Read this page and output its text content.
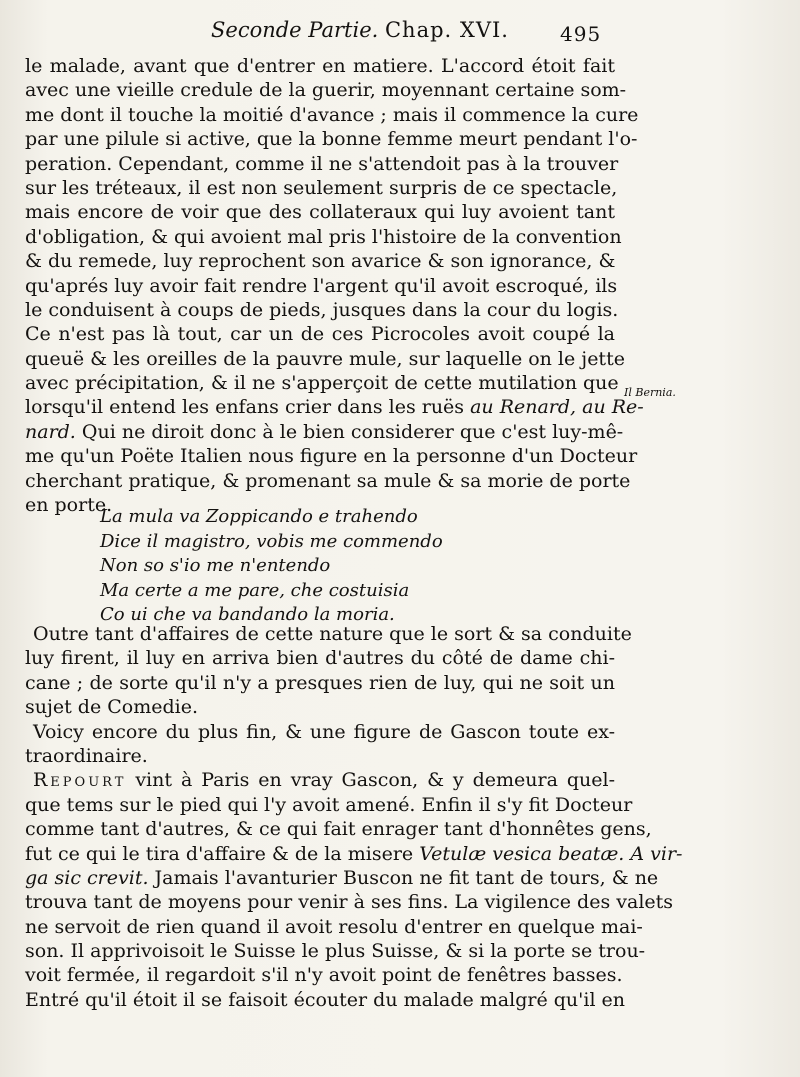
Seconde Partie. Chap. XVI.	495
Il Bernia.
le malade, avant que d'entrer en matiere. L'accord étoit fait
avec une vieille credule de la guerir, moyennant certaine som-
me dont il touche la moitié d'avance ; mais il commence la cure
par une pilule si active, que la bonne femme meurt pendant l'o-
peration. Cependant, comme il ne s'attendoit pas à la trouver
sur les tréteaux, il est non seulement surpris de ce spectacle,
mais encore de voir que des collateraux qui luy avoient tant
d'obligation, & qui avoient mal pris l'histoire de la convention
& du remede, luy reprochent son avarice & son ignorance, &
qu'aprés luy avoir fait rendre l'argent qu'il avoit escroqué, ils
le conduisent à coups de pieds, jusques dans la cour du logis.
Ce n'est pas là tout, car un de ces Picrocoles avoit coupé la
queuë & les oreilles de la pauvre mule, sur laquelle on le jette
avec précipitation, & il ne s'apperçoit de cette mutilation que
lorsqu'il entend les enfans crier dans les ruës au Renard, au Re-
nard. Qui ne diroit donc à le bien considerer que c'est luy-mê-
me qu'un Poëte Italien nous figure en la personne d'un Docteur
cherchant pratique, & promenant sa mule & sa morie de porte
en porte.
La mula va Zoppicando e trahendo
Dice il magistro, vobis me commendo
Non so s'io me n'entendo
Ma certe a me pare, che costuisia
Co ui che va bandando la moria.
Outre tant d'affaires de cette nature que le sort & sa conduite
luy firent, il luy en arriva bien d'autres du côté de dame chi-
cane ; de sorte qu'il n'y a presques rien de luy, qui ne soit un
sujet de Comedie.
Voicy encore du plus fin, & une figure de Gascon toute ex-
traordinaire.
Repourt vint à Paris en vray Gascon, & y demeura quel-
que tems sur le pied qui l'y avoit amené. Enfin il s'y fit Docteur
comme tant d'autres, & ce qui fait enrager tant d'honnêtes gens,
fut ce qui le tira d'affaire & de la misere Vetulæ vesica beatæ. A vir-
ga sic crevit. Jamais l'avanturier Buscon ne fit tant de tours, & ne
trouva tant de moyens pour venir à ses fins. La vigilence des valets
ne servoit de rien quand il avoit resolu d'entrer en quelque mai-
son. Il apprivoisoit le Suisse le plus Suisse, & si la porte se trou-
voit fermée, il regardoit s'il n'y avoit point de fenêtres basses.
Entré qu'il étoit il se faisoit écouter du malade malgré qu'il en
